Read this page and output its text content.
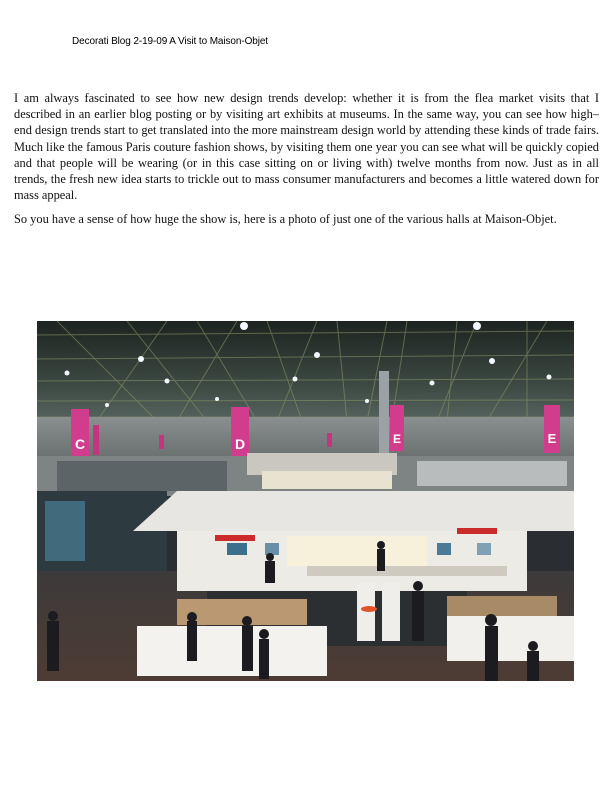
Decorati Blog 2-19-09 A Visit to Maison-Objet

I am always fascinated to see how new design trends develop: whether it is from the flea market visits that I described in an earlier blog posting or by visiting art exhibits at museums. In the same way, you can see how high–end design trends start to get translated into the more mainstream design world by attending these kinds of trade fairs. Much like the famous Paris couture fashion shows, by visiting them one year you can see what will be quickly copied and that people will be wearing (or in this case sitting on or living with) twelve months from now. Just as in all trends, the fresh new idea starts to trickle out to mass consumer manufacturers and becomes a little watered down for mass appeal.

So you have a sense of how huge the show is, here is a photo of just one of the various halls at Maison-Objet.

C	D	E	E
